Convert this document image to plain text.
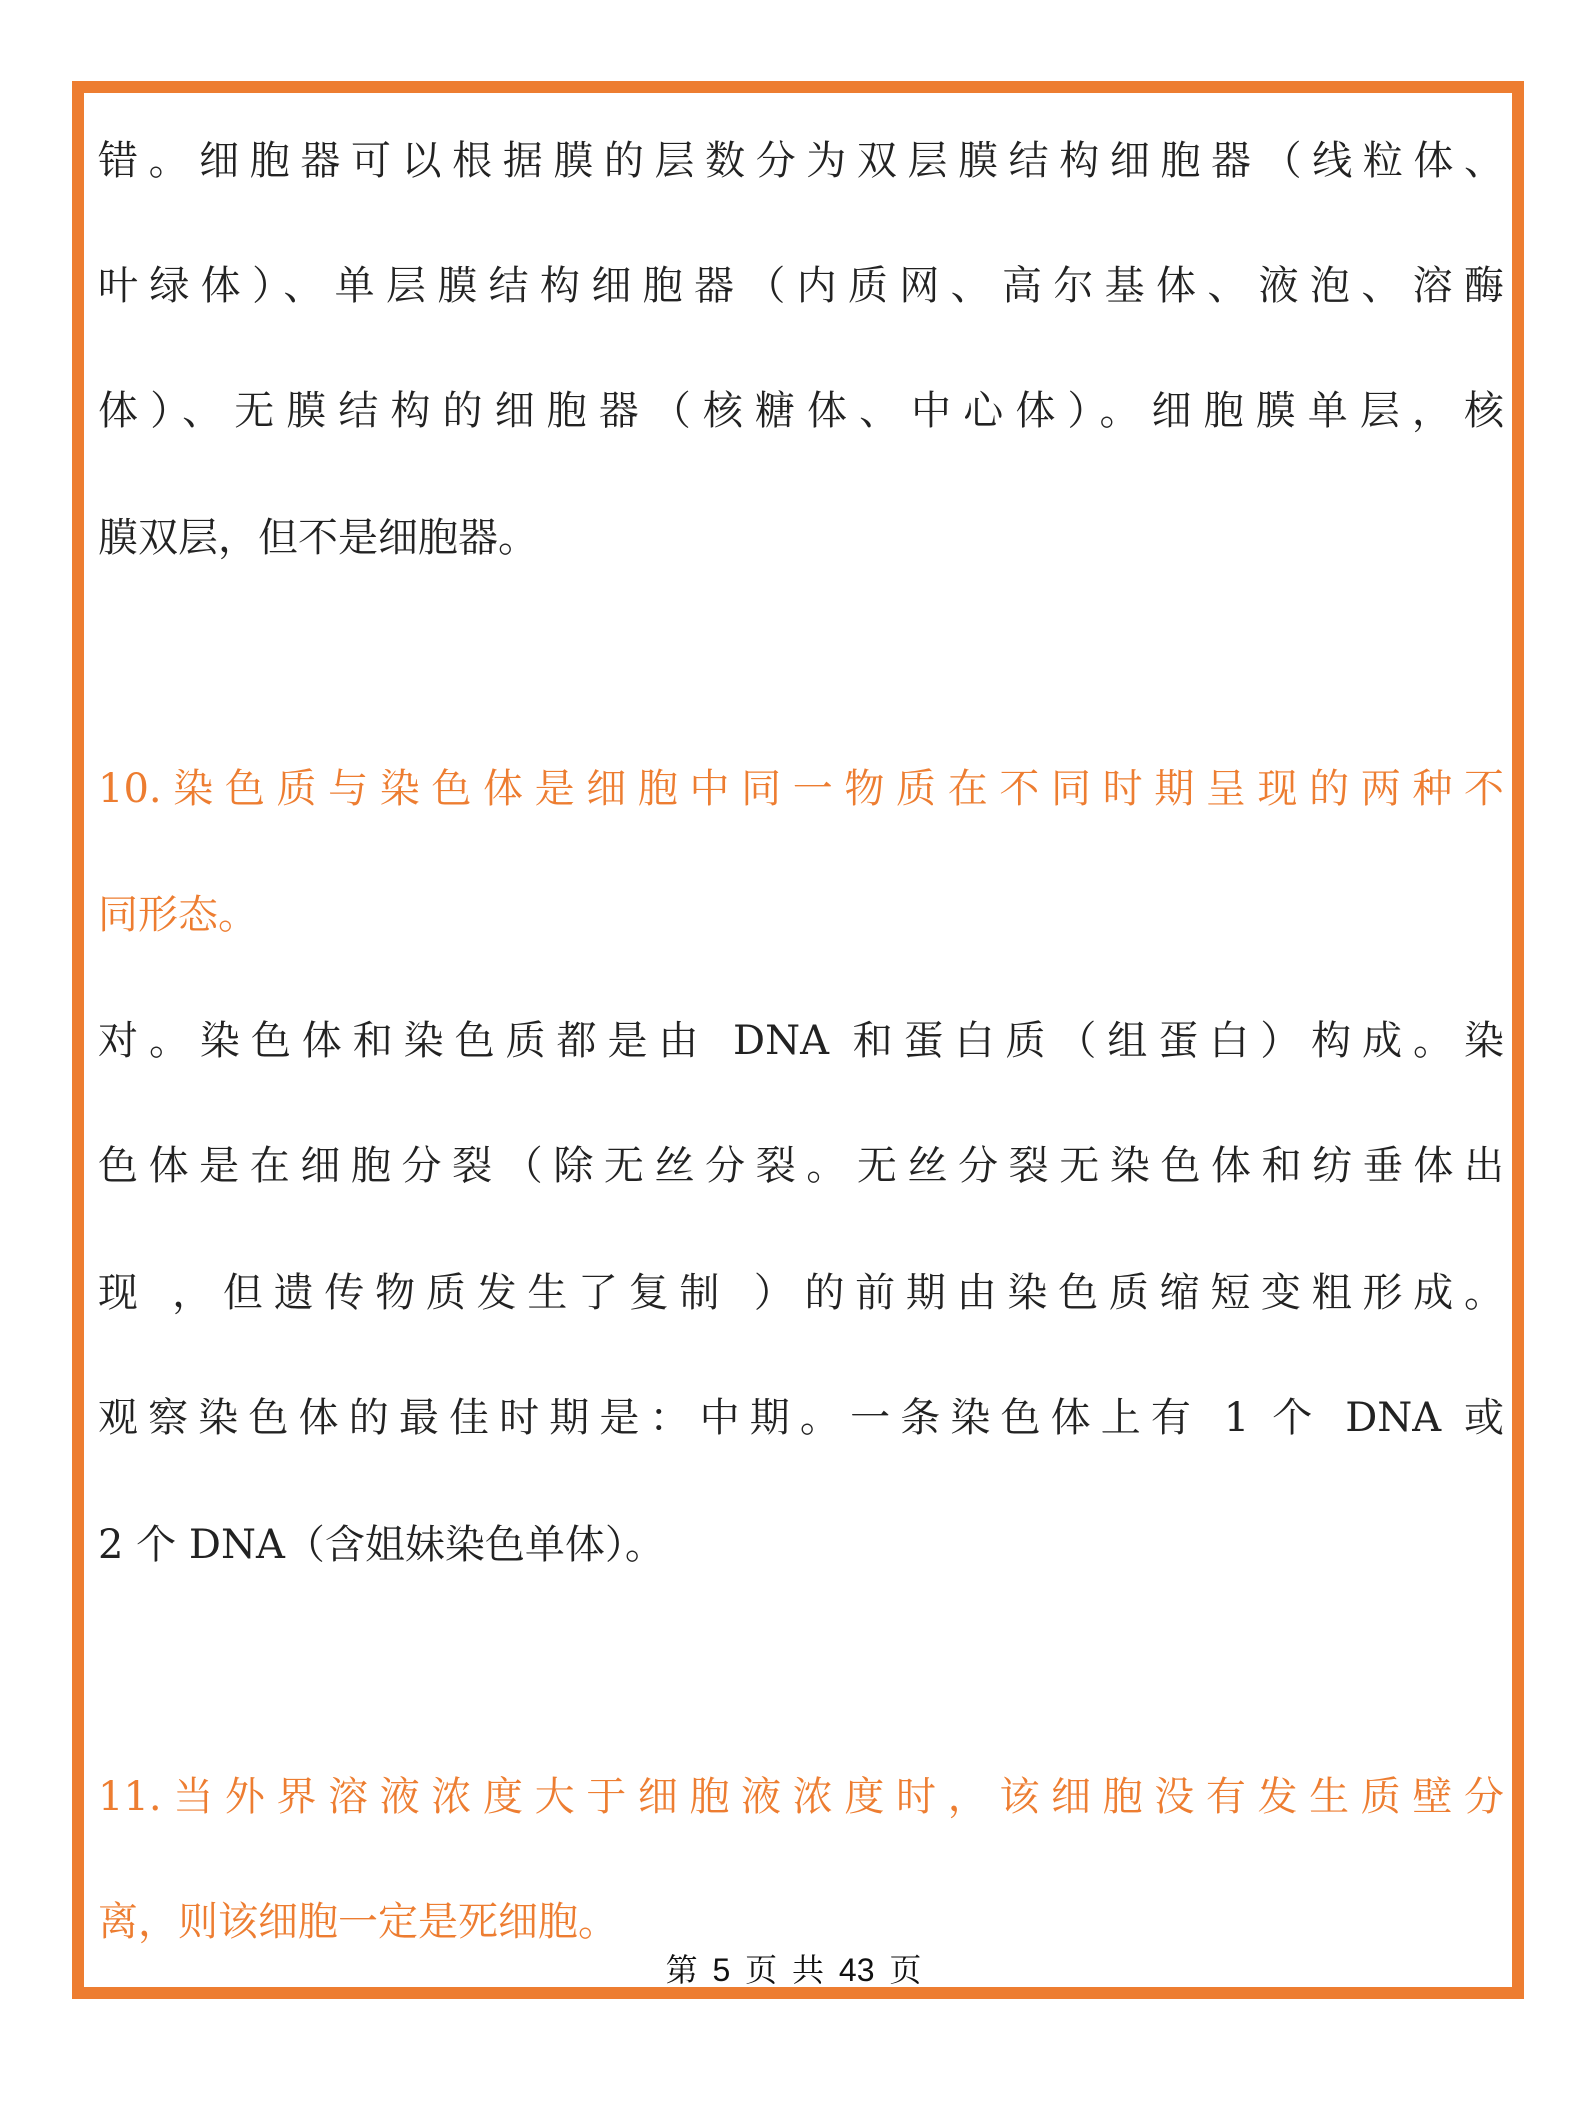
错。细胞器可以根据膜的层数分为双层膜结构细胞器（线粒体、
叶绿体）、单层膜结构细胞器（内质网、高尔基体、液泡、溶酶
体）、无膜结构的细胞器（核糖体、中心体）。细胞膜单层，核
膜双层，但不是细胞器。
10.染色质与染色体是细胞中同一物质在不同时期呈现的两种不
同形态。
对。染色体和染色质都是由 DNA 和蛋白质（组蛋白）构成。染
色体是在细胞分裂（除无丝分裂。无丝分裂无染色体和纺垂体出
现 ，但遗传物质发生了复制 ）的前期由染色质缩短变粗形成。
观察染色体的最佳时期是：中期。一条染色体上有 1 个 DNA 或
2 个 DNA（含姐妹染色单体）。
11.当外界溶液浓度大于细胞液浓度时，该细胞没有发生质壁分
离，则该细胞一定是死细胞。
第 5 页 共 43 页
